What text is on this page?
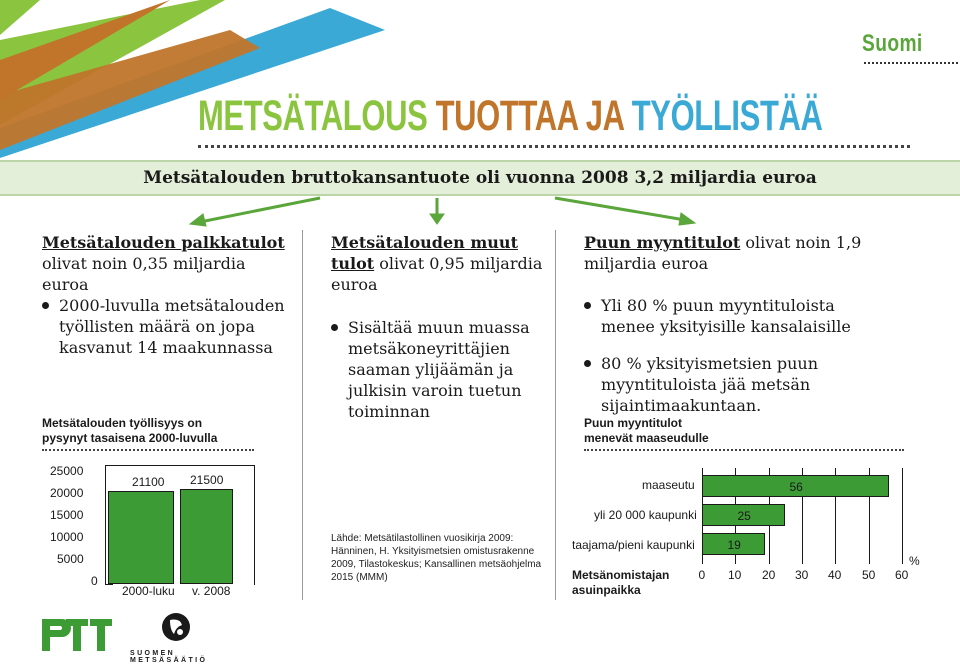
Suomi
METSÄTALOUS TUOTTAA JA TYÖLLISTÄÄ
Metsätalouden bruttokansantuote oli vuonna 2008 3,2 miljardia euroa
Metsätalouden palkkatulot
olivat noin 0,35 miljardia euroa
2000-luvulla metsätalouden työllisten määrä on jopa kasvanut 14 maakunnassa
Metsätalouden työllisyys on pysynyt tasaisena 2000-luvulla
25000
20000
15000
10000
5000
0
21100 21500
2000-luku v. 2008
Metsätalouden muut tulot olivat 0,95 miljardia euroa
Sisältää muun muassa metsäkoneyrittäjien saaman ylijäämän ja julkisin varoin tuetun toiminnan
Lähde: Metsätilastollinen vuosikirja 2009: Hänninen, H. Yksityismetsien omistusrakenne 2009, Tilastokeskus; Kansallinen metsäohjelma 2015 (MMM)
Puun myyntitulot olivat noin 1,9 miljardia euroa
Yli 80 % puun myyntituloista menee yksityisille kansalaisille
80 % yksityismetsien puun myyntituloista jää metsän sijaintimaakuntaan.
Puun myyntitulot menevät maaseudulle
maaseutu
yli 20 000 kaupunki
taajama/pieni kaupunki
56
25
19
0 10 20 30 40 50 60
%
Metsänomistajan asuinpaikka
SUOMEN METSÄSÄÄTIÖ
